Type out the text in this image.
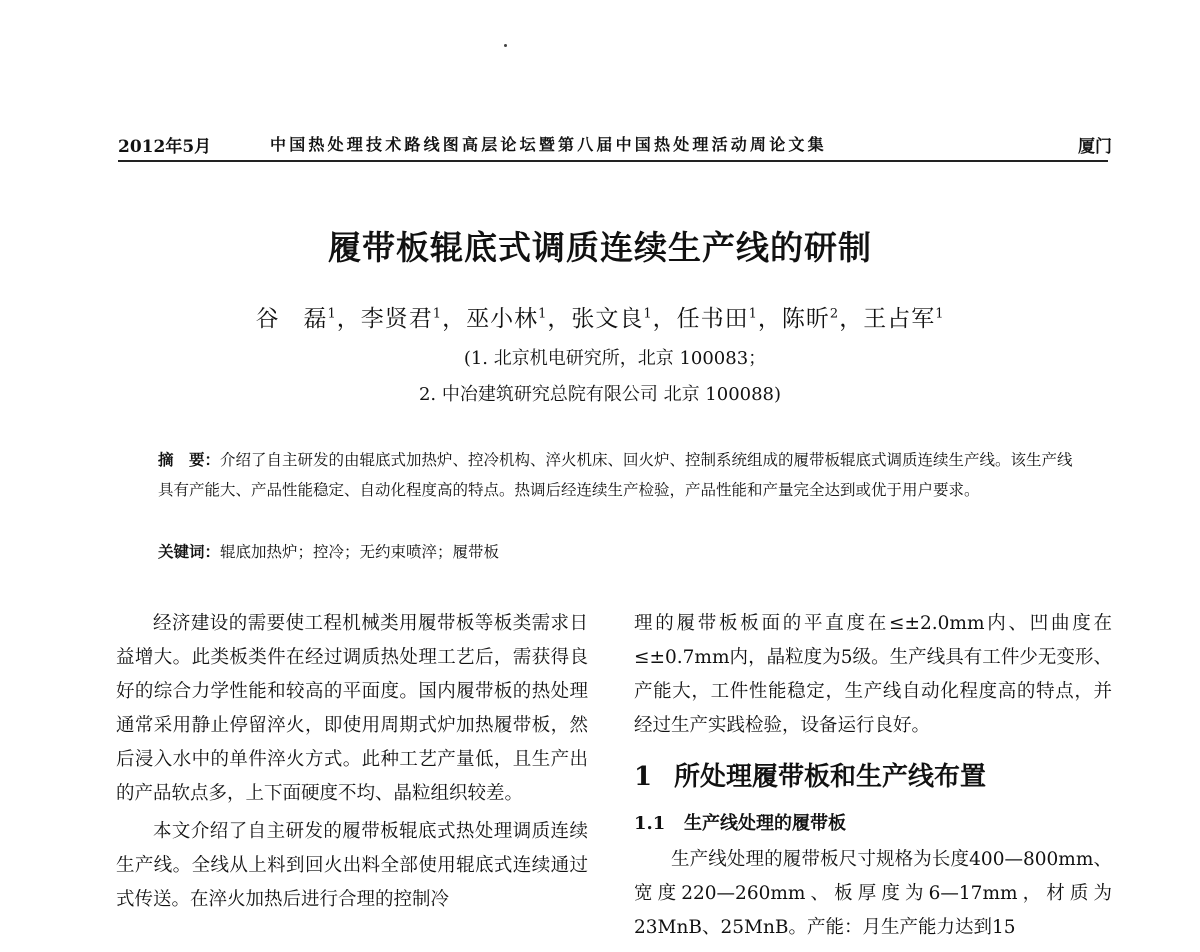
2012年5月	中国热处理技术路线图高层论坛暨第八届中国热处理活动周论文集	厦门
履带板辊底式调质连续生产线的研制
谷　磊$^1$，李贤君$^1$，巫小林$^1$，张文良$^1$，任书田$^1$，陈昕$^2$，王占军$^1$
(1. 北京机电研究所，北京 100083；
2. 中冶建筑研究总院有限公司 北京 100088)
摘　要：介绍了自主研发的由辊底式加热炉、控冷机构、淬火机床、回火炉、控制系统组成的履带板辊底式调质连续生产线。该生产线具有产能大、产品性能稳定、自动化程度高的特点。热调后经连续生产检验，产品性能和产量完全达到或优于用户要求。
关键词：辊底加热炉；控冷；无约束喷淬；履带板

经济建设的需要使工程机械类用履带板等板类需求日益增大。此类板类件在经过调质热处理工艺后，需获得良好的综合力学性能和较高的平面度。国内履带板的热处理通常采用静止停留淬火，即使用周期式炉加热履带板，然后浸入水中的单件淬火方式。此种工艺产量低，且生产出的产品软点多，上下面硬度不均、晶粒组织较差。

本文介绍了自主研发的履带板辊底式热处理调质连续生产线。全线从上料到回火出料全部使用辊底式连续通过式传送。在淬火加热后进行合理的控制冷

理的履带板板面的平直度在≤±2.0mm内、凹曲度在≤±0.7mm内，晶粒度为5级。生产线具有工件少无变形、产能大，工件性能稳定，生产线自动化程度高的特点，并经过生产实践检验，设备运行良好。

1 所处理履带板和生产线布置
1.1 生产线处理的履带板

生产线处理的履带板尺寸规格为长度400—800mm、宽度220—260mm、板厚度为6—17mm，材质为23MnB、25MnB。产能：月生产能力达到15
